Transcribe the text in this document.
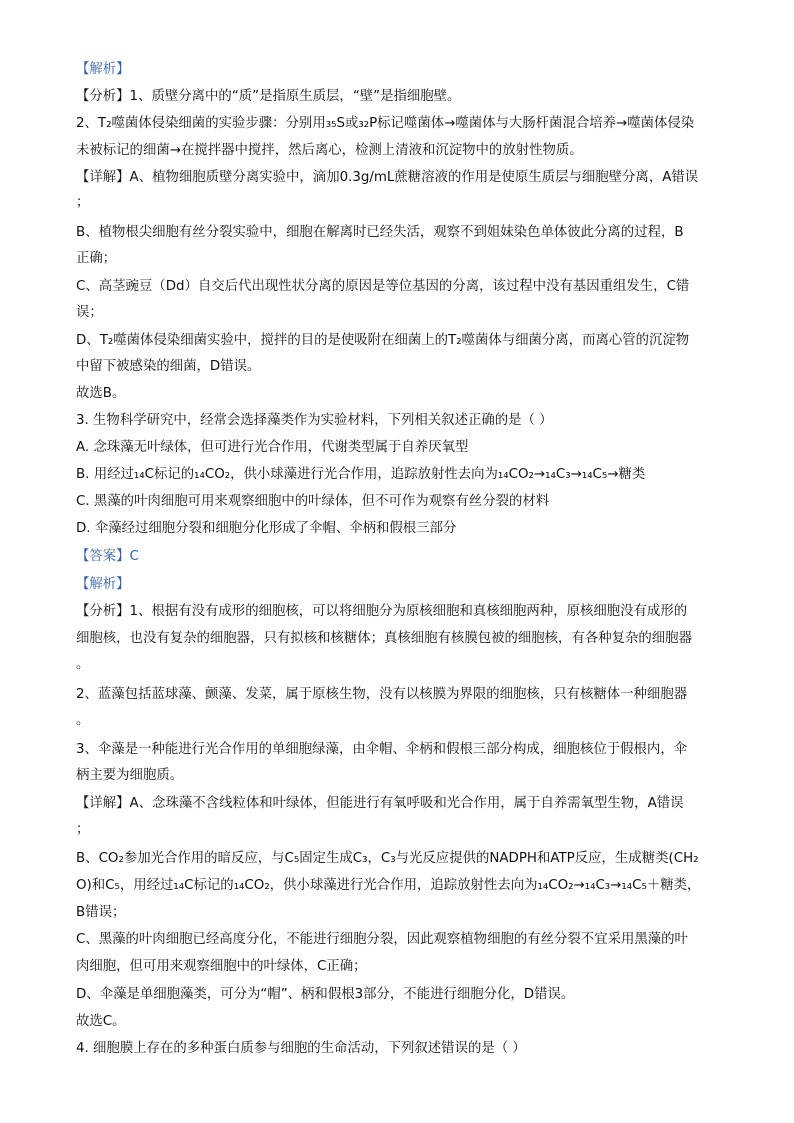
【解析】
【分析】1、质壁分离中的“质”是指原生质层，“壁”是指细胞壁。
2、T₂噬菌体侵染细菌的实验步骤：分别用₃₅S或₃₂P标记噬菌体→噬菌体与大肠杆菌混合培养→噬菌体侵染
未被标记的细菌→在搅拌器中搅拌，然后离心，检测上清液和沉淀物中的放射性物质。
【详解】A、植物细胞质壁分离实验中，滴加0.3g/mL蔗糖溶液的作用是使原生质层与细胞壁分离，A错误
；
B、植物根尖细胞有丝分裂实验中，细胞在解离时已经失活，观察不到姐妹染色单体彼此分离的过程，B
正确；
C、高茎豌豆（Dd）自交后代出现性状分离的原因是等位基因的分离，该过程中没有基因重组发生，C错
误；
D、T₂噬菌体侵染细菌实验中，搅拌的目的是使吸附在细菌上的T₂噬菌体与细菌分离，而离心管的沉淀物
中留下被感染的细菌，D错误。
故选B。
3. 生物科学研究中，经常会选择藻类作为实验材料，下列相关叙述正确的是（ ）
A. 念珠藻无叶绿体，但可进行光合作用，代谢类型属于自养厌氧型
B. 用经过₁₄C标记的₁₄CO₂，供小球藻进行光合作用，追踪放射性去向为₁₄CO₂→₁₄C₃→₁₄C₅→糖类
C. 黑藻的叶肉细胞可用来观察细胞中的叶绿体，但不可作为观察有丝分裂的材料
D. 伞藻经过细胞分裂和细胞分化形成了伞帽、伞柄和假根三部分
【答案】C
【解析】
【分析】1、根据有没有成形的细胞核，可以将细胞分为原核细胞和真核细胞两种，原核细胞没有成形的
细胞核，也没有复杂的细胞器，只有拟核和核糖体；真核细胞有核膜包被的细胞核，有各种复杂的细胞器
。
2、蓝藻包括蓝球藻、颤藻、发菜，属于原核生物，没有以核膜为界限的细胞核，只有核糖体一种细胞器
。
3、伞藻是一种能进行光合作用的单细胞绿藻，由伞帽、伞柄和假根三部分构成，细胞核位于假根内，伞
柄主要为细胞质。
【详解】A、念珠藻不含线粒体和叶绿体，但能进行有氧呼吸和光合作用，属于自养需氧型生物，A错误
；
B、CO₂参加光合作用的暗反应，与C₅固定生成C₃，C₃与光反应提供的NADPH和ATP反应，生成糖类(CH₂
O)和C₅，用经过₁₄C标记的₁₄CO₂，供小球藻进行光合作用，追踪放射性去向为₁₄CO₂→₁₄C₃→₁₄C₅＋糖类，
B错误；
C、黑藻的叶肉细胞已经高度分化，不能进行细胞分裂，因此观察植物细胞的有丝分裂不宜采用黑藻的叶
肉细胞，但可用来观察细胞中的叶绿体，C正确；
D、伞藻是单细胞藻类，可分为“帽”、柄和假根3部分，不能进行细胞分化，D错误。
故选C。
4. 细胞膜上存在的多种蛋白质参与细胞的生命活动，下列叙述错误的是（ ）
